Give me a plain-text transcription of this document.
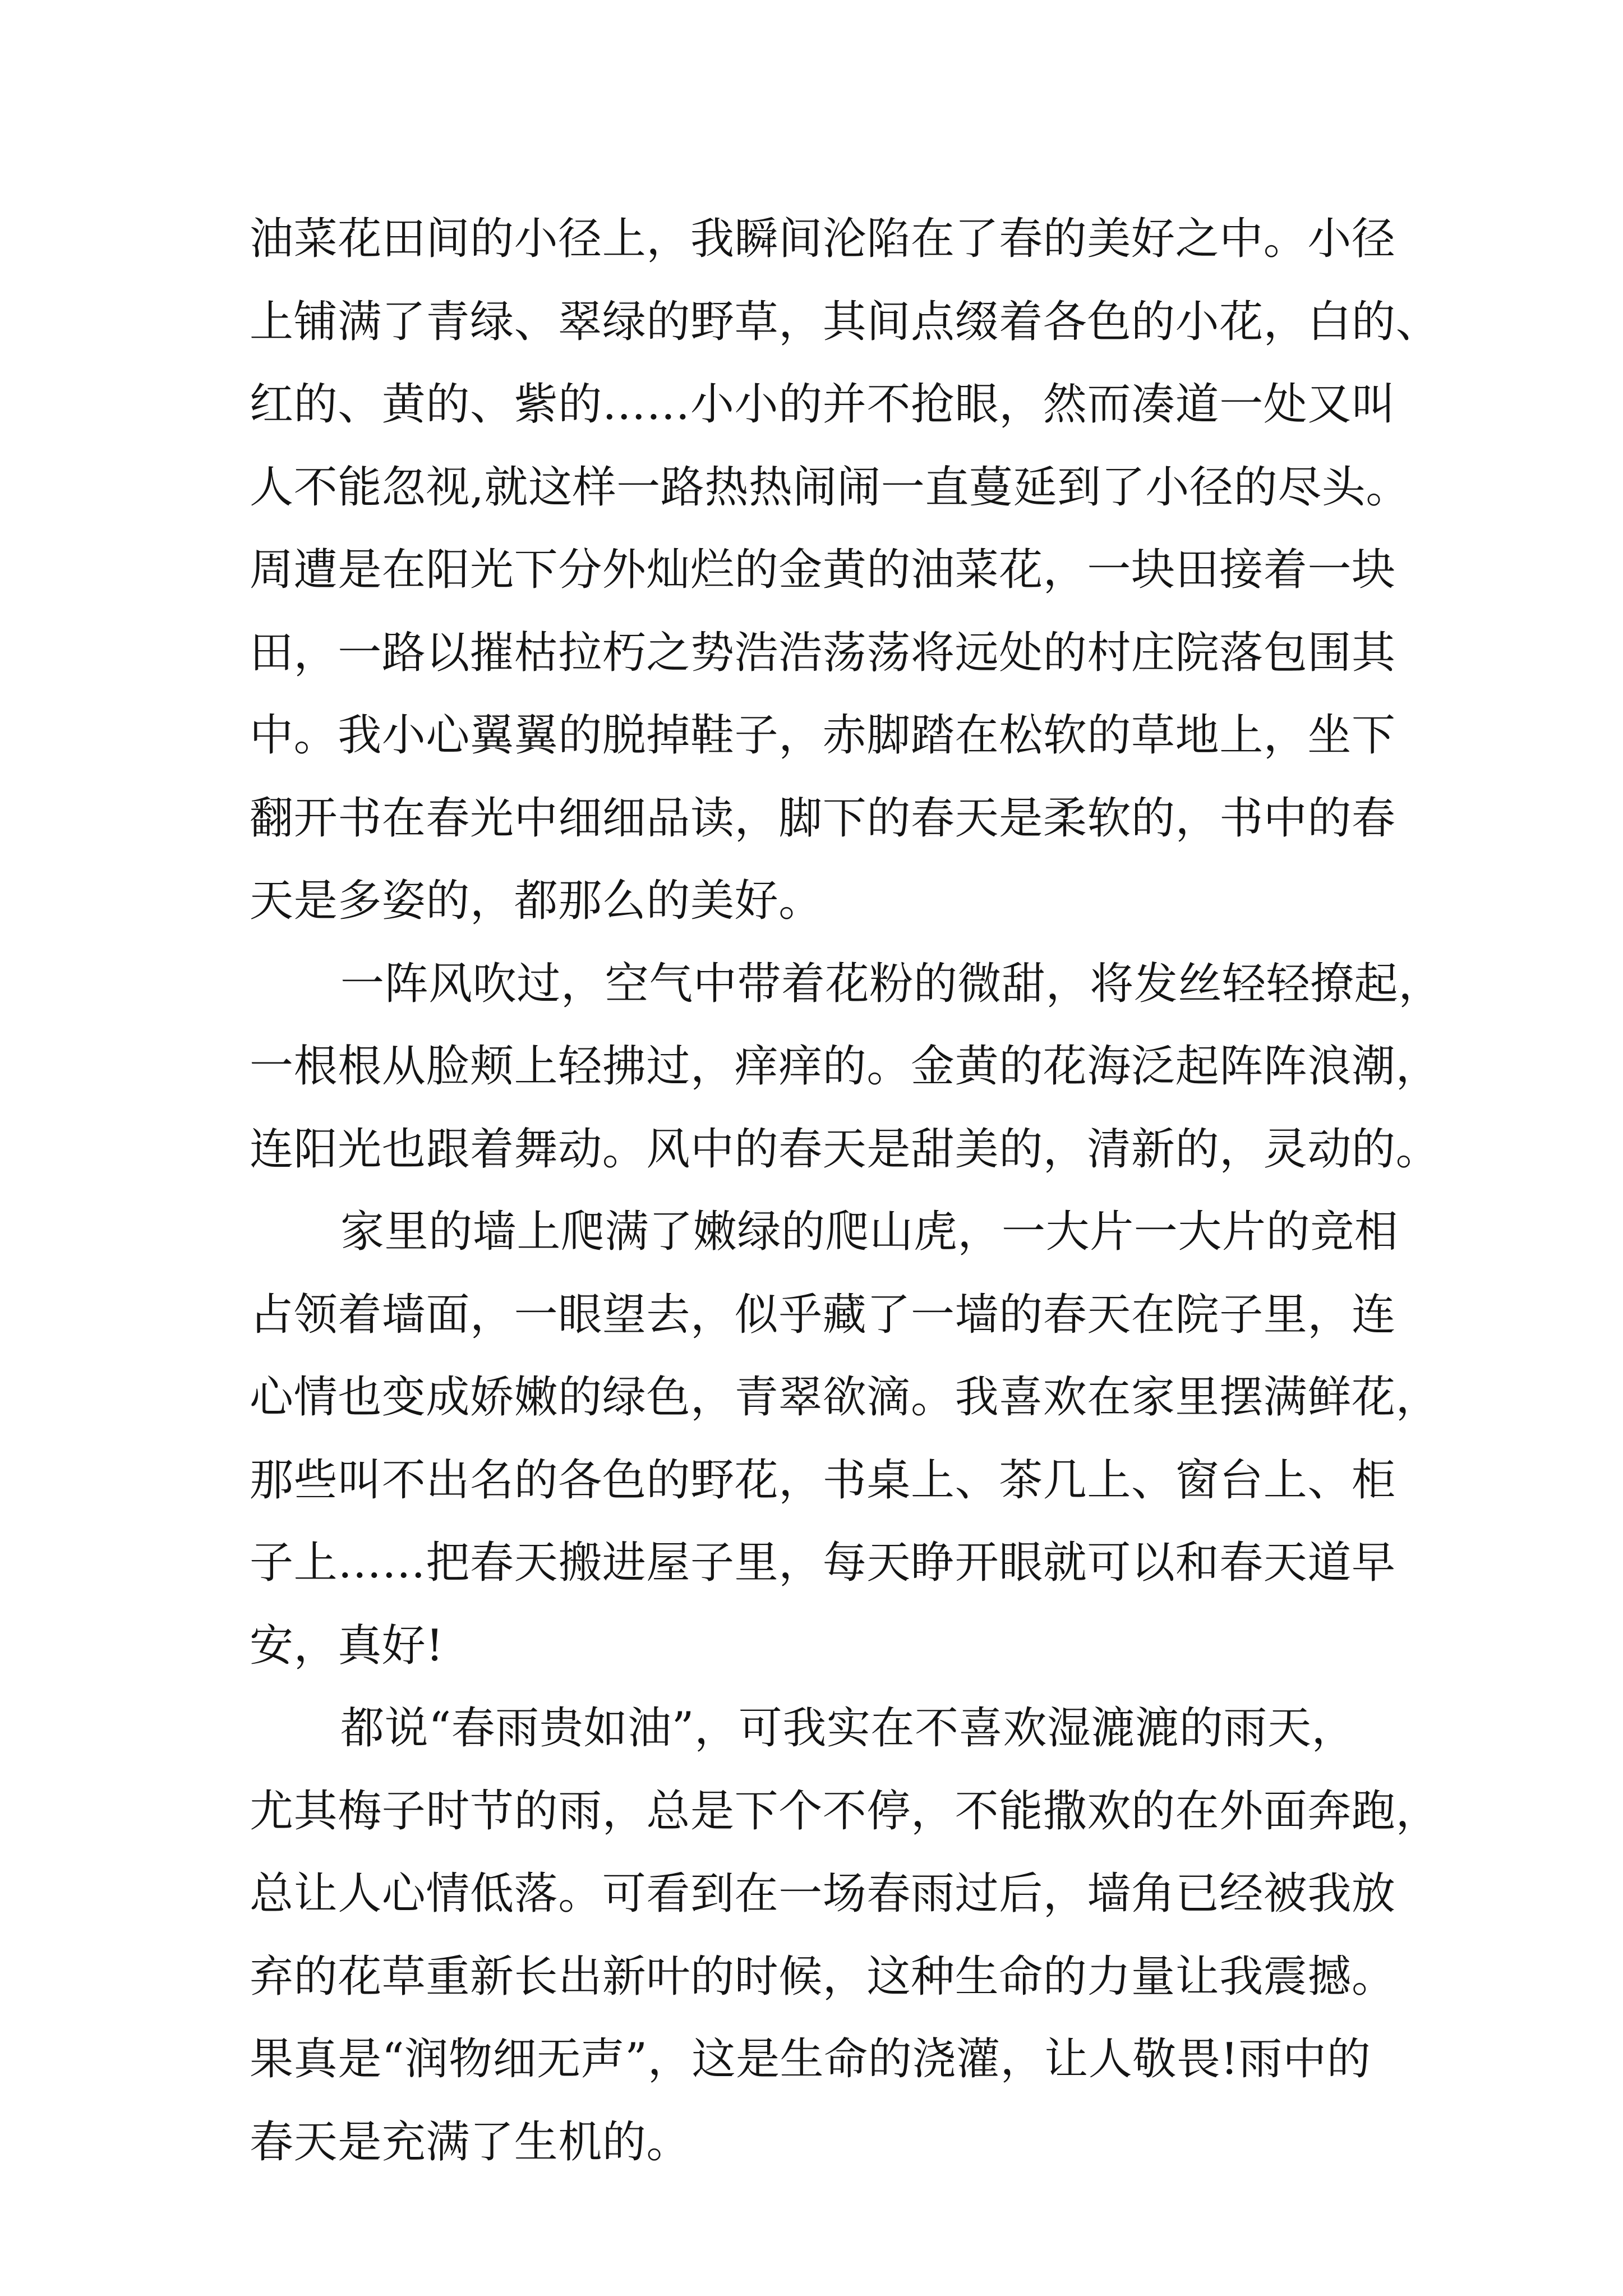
油菜花田间的小径上，我瞬间沦陷在了春的美好之中。小径
上铺满了青绿、翠绿的野草，其间点缀着各色的小花，白的、
红的、黄的、紫的……小小的并不抢眼，然而凑道一处又叫
人不能忽视,就这样一路热热闹闹一直蔓延到了小径的尽头。
周遭是在阳光下分外灿烂的金黄的油菜花，一块田接着一块
田，一路以摧枯拉朽之势浩浩荡荡将远处的村庄院落包围其
中。我小心翼翼的脱掉鞋子，赤脚踏在松软的草地上，坐下
翻开书在春光中细细品读，脚下的春天是柔软的，书中的春
天是多姿的，都那么的美好。
一阵风吹过，空气中带着花粉的微甜，将发丝轻轻撩起，
一根根从脸颊上轻拂过，痒痒的。金黄的花海泛起阵阵浪潮，
连阳光也跟着舞动。风中的春天是甜美的，清新的，灵动的。
家里的墙上爬满了嫩绿的爬山虎，一大片一大片的竞相
占领着墙面，一眼望去，似乎藏了一墙的春天在院子里，连
心情也变成娇嫩的绿色，青翠欲滴。我喜欢在家里摆满鲜花，
那些叫不出名的各色的野花，书桌上、茶几上、窗台上、柜
子上……把春天搬进屋子里，每天睁开眼就可以和春天道早
安，真好!
都说“春雨贵如油”，可我实在不喜欢湿漉漉的雨天，
尤其梅子时节的雨，总是下个不停，不能撒欢的在外面奔跑，
总让人心情低落。可看到在一场春雨过后，墙角已经被我放
弃的花草重新长出新叶的时候，这种生命的力量让我震撼。
果真是“润物细无声”，这是生命的浇灌，让人敬畏!雨中的
春天是充满了生机的。
